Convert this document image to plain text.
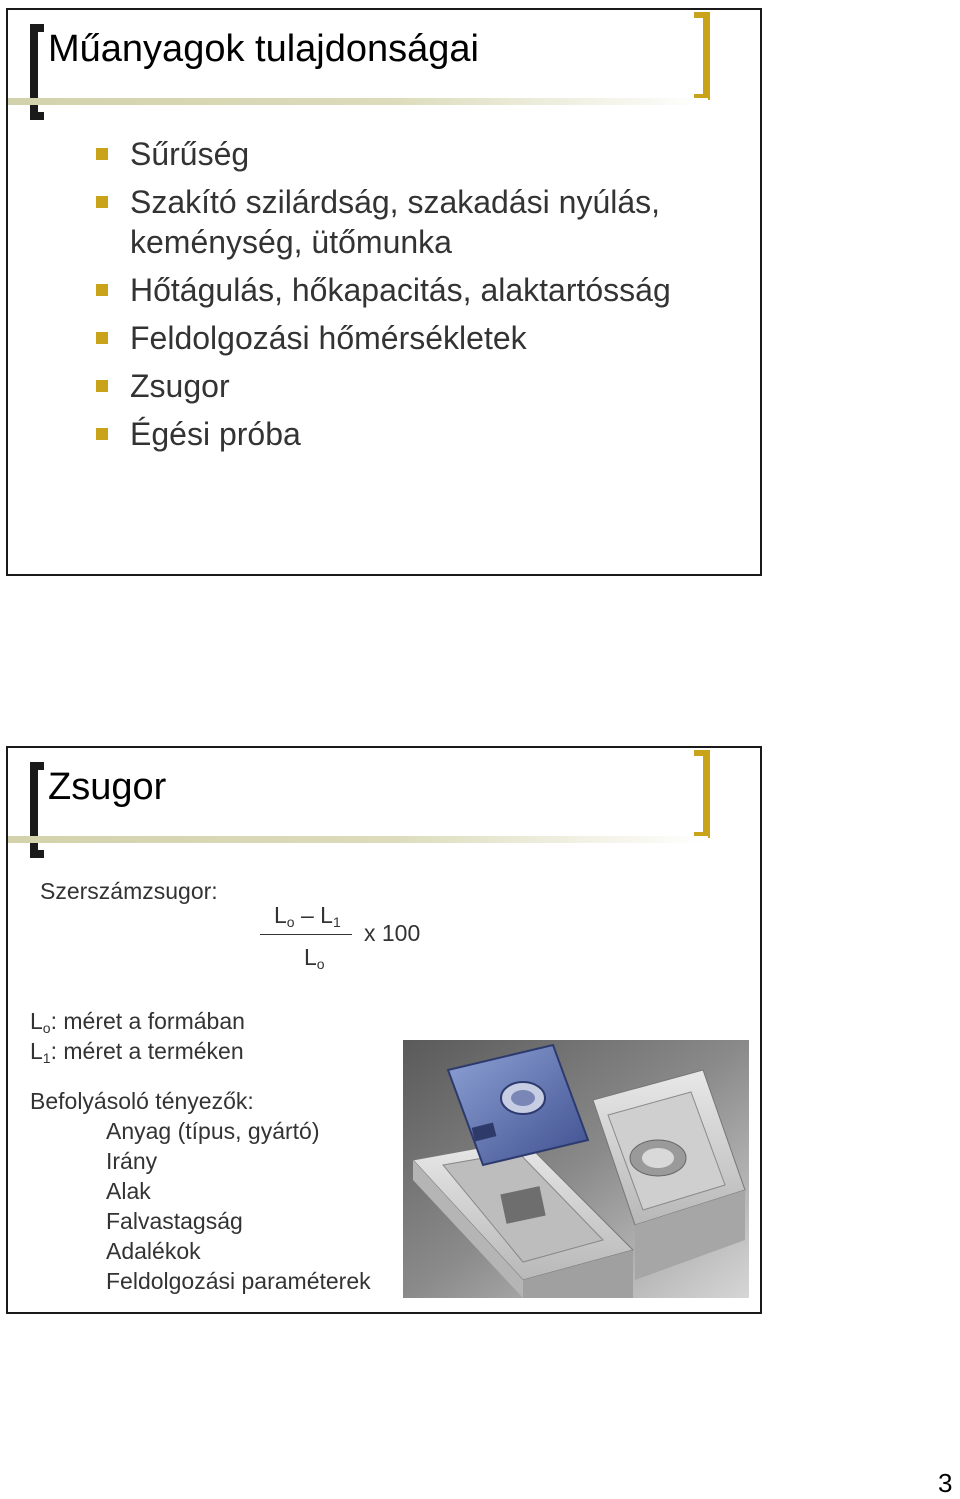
Műanyagok tulajdonságai
Sűrűség
Szakító szilárdság, szakadási nyúlás, keménység, ütőmunka
Hőtágulás, hőkapacitás, alaktartósság
Feldolgozási hőmérsékletek
Zsugor
Égési próba
Zsugor
Szerszámzsugor:
$L_o - L_1$
$L_o$
x 100
$L_o$: méret a formában
$L_1$: méret a terméken
Befolyásoló tényezők:
Anyag (típus, gyártó)
Irány
Alak
Falvastagság
Adalékok
Feldolgozási paraméterek
3
